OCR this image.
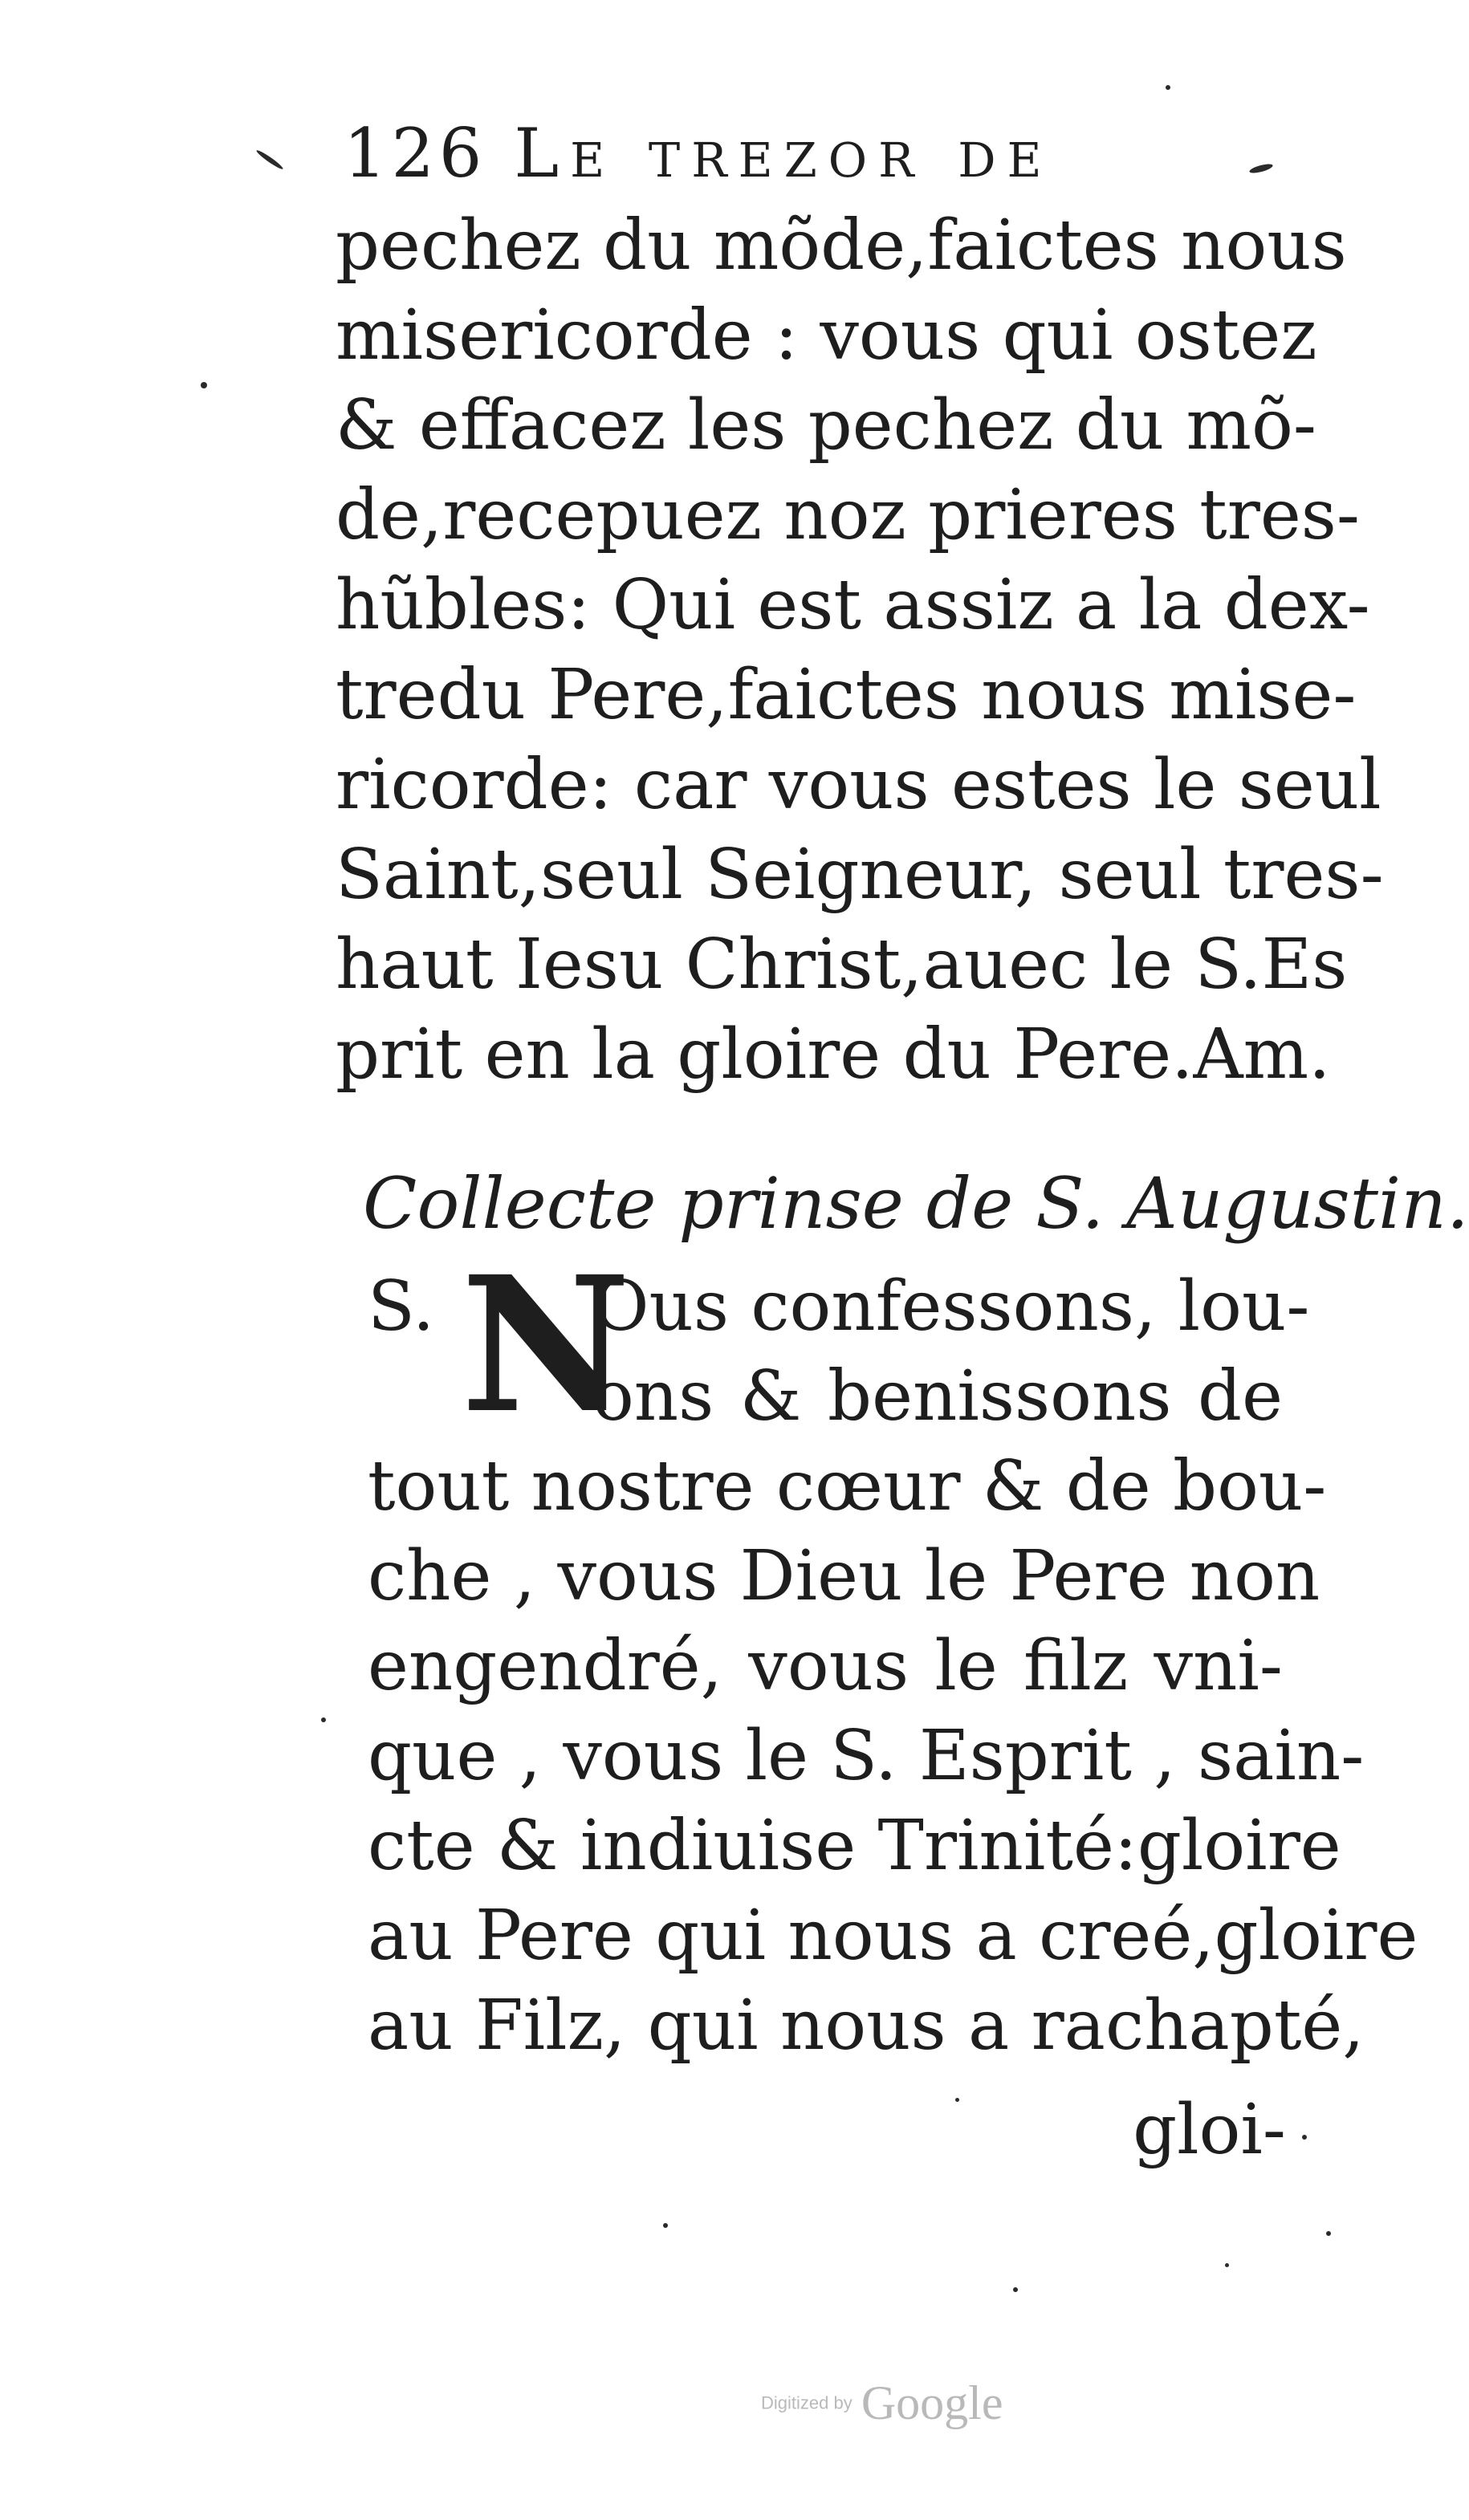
126 Le trezor de
pechez du mõde,faictes nous
misericorde : vous qui ostez
& effacez les pechez du mõ-
de,recepuez noz prieres tres-
hũbles: Qui est assiz a la dex-
tredu Pere,faictes nous mise-
ricorde: car vous estes le seul
Saint,seul Seigneur, seul tres-
haut Iesu Christ,auec le S.Es
prit en la gloire du Pere.Am.
Collecte prinse de S. Augustin.
S. N
Ous confessons, lou-
ons & benissons de
tout nostre cœur & de bou-
che , vous Dieu le Pere non
engendré, vous le filz vni-
que , vous le S. Esprit , sain-
cte & indiuise Trinité:gloire
au Pere qui nous a creé,gloire
au Filz, qui nous a rachapté,
gloi-
Digitized by Google
